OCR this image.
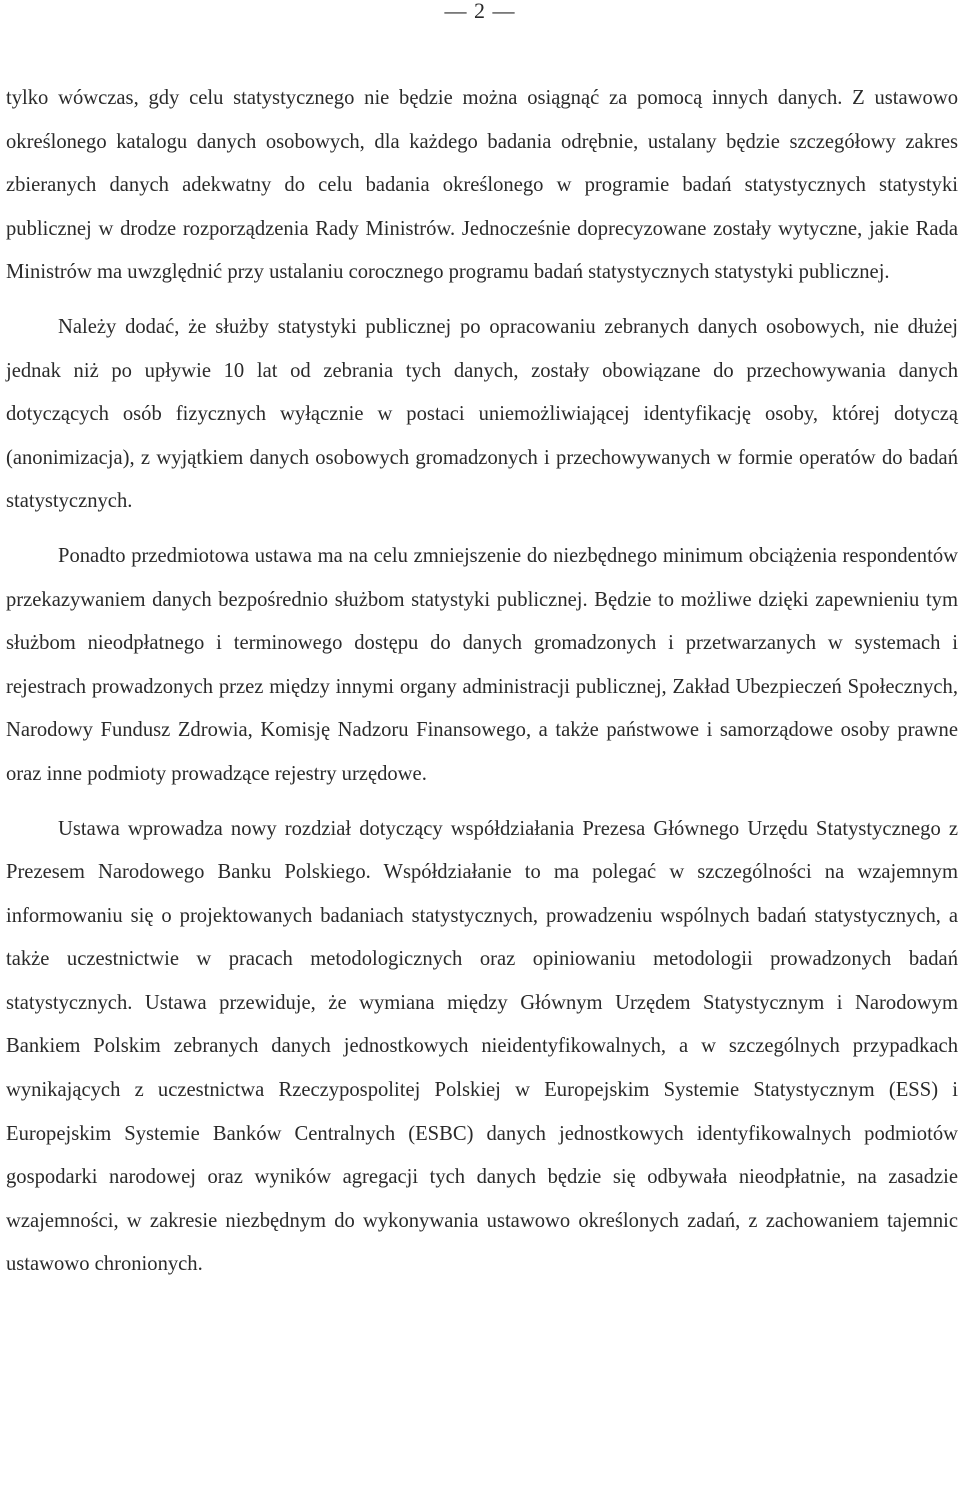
— 2 —

tylko wówczas, gdy celu statystycznego nie będzie można osiągnąć za pomocą innych danych. Z ustawowo określonego katalogu danych osobowych, dla każdego badania odrębnie, ustalany będzie szczegółowy zakres zbieranych danych adekwatny do celu badania określonego w programie badań statystycznych statystyki publicznej w drodze rozporządzenia Rady Ministrów. Jednocześnie doprecyzowane zostały wytyczne, jakie Rada Ministrów ma uwzględnić przy ustalaniu corocznego programu badań statystycznych statystyki publicznej.

Należy dodać, że służby statystyki publicznej po opracowaniu zebranych danych osobowych, nie dłużej jednak niż po upływie 10 lat od zebrania tych danych, zostały obowiązane do przechowywania danych dotyczących osób fizycznych wyłącznie w postaci uniemożliwiającej identyfikację osoby, której dotyczą (anonimizacja), z wyjątkiem danych osobowych gromadzonych i przechowywanych w formie operatów do badań statystycznych.

Ponadto przedmiotowa ustawa ma na celu zmniejszenie do niezbędnego minimum obciążenia respondentów przekazywaniem danych bezpośrednio służbom statystyki publicznej. Będzie to możliwe dzięki zapewnieniu tym służbom nieodpłatnego i terminowego dostępu do danych gromadzonych i przetwarzanych w systemach i rejestrach prowadzonych przez między innymi organy administracji publicznej, Zakład Ubezpieczeń Społecznych, Narodowy Fundusz Zdrowia, Komisję Nadzoru Finansowego, a także państwowe i samorządowe osoby prawne oraz inne podmioty prowadzące rejestry urzędowe.

Ustawa wprowadza nowy rozdział dotyczący współdziałania Prezesa Głównego Urzędu Statystycznego z Prezesem Narodowego Banku Polskiego. Współdziałanie to ma polegać w szczególności na wzajemnym informowaniu się o projektowanych badaniach statystycznych, prowadzeniu wspólnych badań statystycznych, a także uczestnictwie w pracach metodologicznych oraz opiniowaniu metodologii prowadzonych badań statystycznych. Ustawa przewiduje, że wymiana między Głównym Urzędem Statystycznym i Narodowym Bankiem Polskim zebranych danych jednostkowych nieidentyfikowalnych, a w szczególnych przypadkach wynikających z uczestnictwa Rzeczypospolitej Polskiej w Europejskim Systemie Statystycznym (ESS) i Europejskim Systemie Banków Centralnych (ESBC) danych jednostkowych identyfikowalnych podmiotów gospodarki narodowej oraz wyników agregacji tych danych będzie się odbywała nieodpłatnie, na zasadzie wzajemności, w zakresie niezbędnym do wykonywania ustawowo określonych zadań, z zachowaniem tajemnic ustawowo chronionych.
